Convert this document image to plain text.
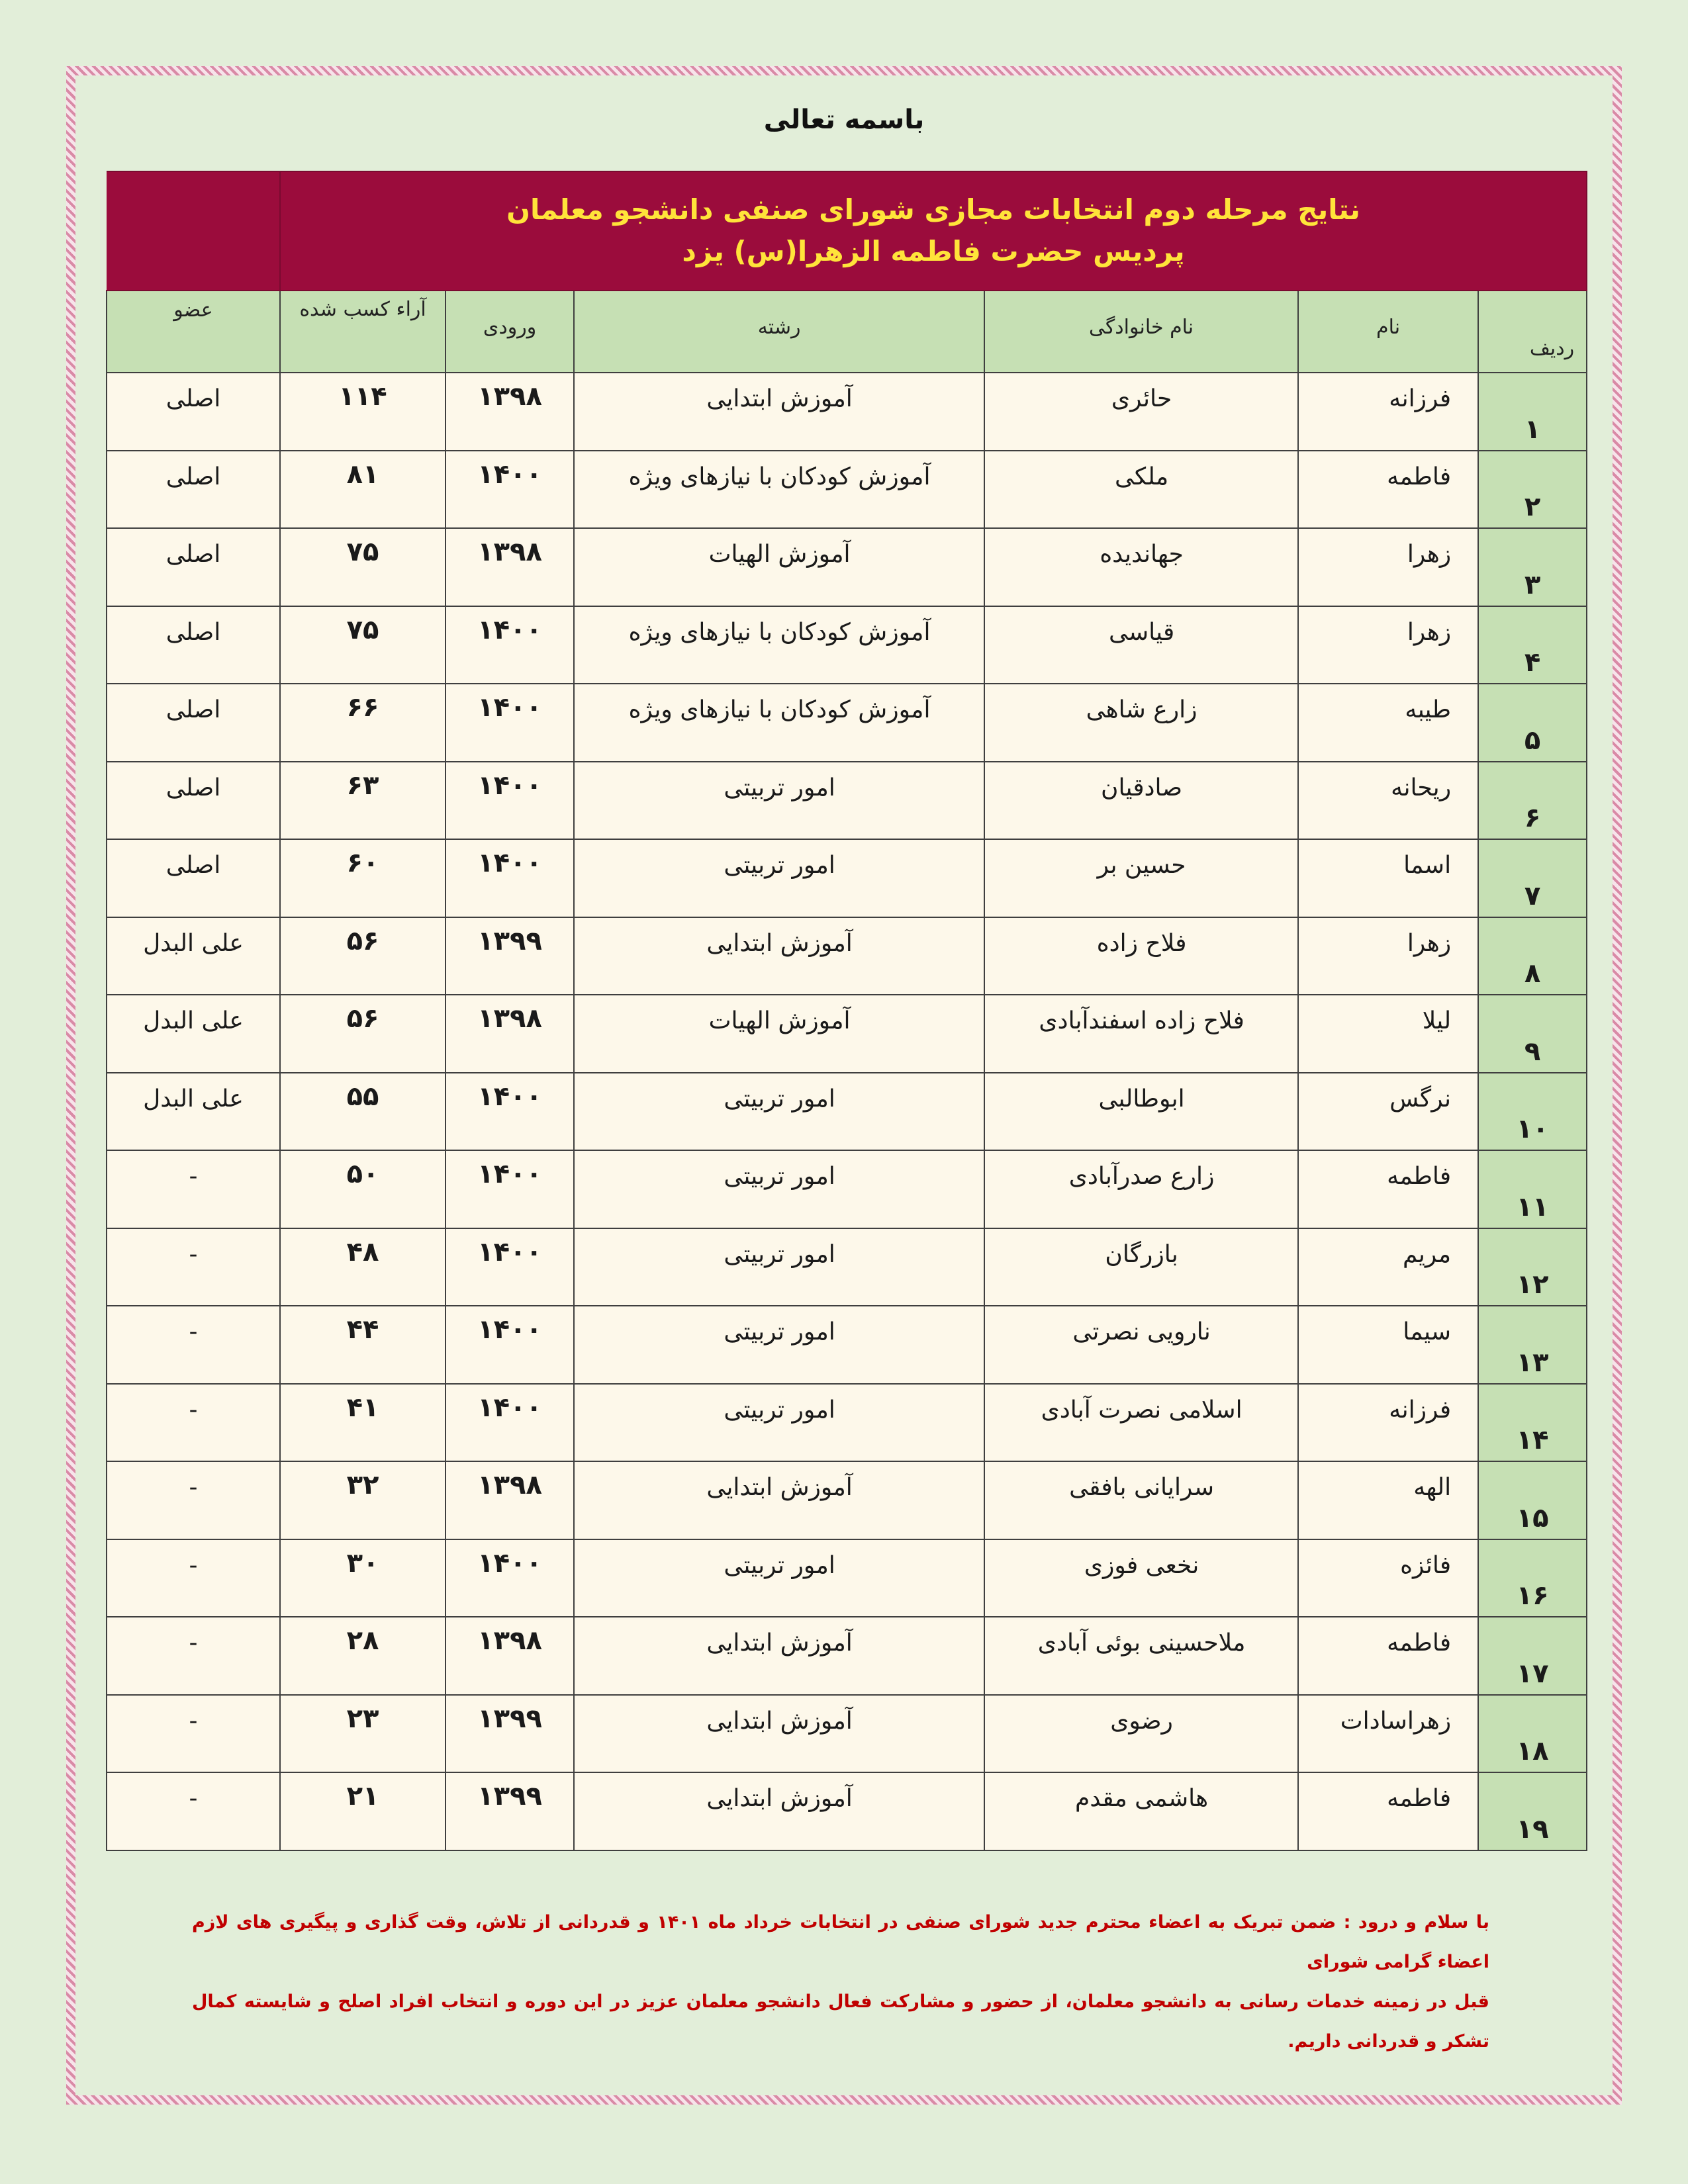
باسمه تعالی
نتایج مرحله دوم انتخابات مجازی شورای صنفی دانشجو معلمان						
پردیس حضرت فاطمه الزهرا(س) یزد						
ردیف	نام	نام خانوادگی	رشته	ورودی	آراء کسب شده	عضو
۱	فرزانه	حائری	آموزش ابتدایی	۱۳۹۸	۱۱۴	اصلی
۲	فاطمه	ملکی	آموزش کودکان با نیازهای ویژه	۱۴۰۰	۸۱	اصلی
۳	زهرا	جهاندیده	آموزش الهیات	۱۳۹۸	۷۵	اصلی
۴	زهرا	قیاسی	آموزش کودکان با نیازهای ویژه	۱۴۰۰	۷۵	اصلی
۵	طیبه	زارع شاهی	آموزش کودکان با نیازهای ویژه	۱۴۰۰	۶۶	اصلی
۶	ریحانه	صادقیان	امور تربیتی	۱۴۰۰	۶۳	اصلی
۷	اسما	حسین بر	امور تربیتی	۱۴۰۰	۶۰	اصلی
۸	زهرا	فلاح زاده	آموزش ابتدایی	۱۳۹۹	۵۶	علی البدل
۹	لیلا	فلاح زاده اسفندآبادی	آموزش الهیات	۱۳۹۸	۵۶	علی البدل
۱۰	نرگس	ابوطالبی	امور تربیتی	۱۴۰۰	۵۵	علی البدل
۱۱	فاطمه	زارع صدرآبادی	امور تربیتی	۱۴۰۰	۵۰	-
۱۲	مریم	بازرگان	امور تربیتی	۱۴۰۰	۴۸	-
۱۳	سیما	نارویی نصرتی	امور تربیتی	۱۴۰۰	۴۴	-
۱۴	فرزانه	اسلامی نصرت آبادی	امور تربیتی	۱۴۰۰	۴۱	-
۱۵	الهه	سرایانی بافقی	آموزش ابتدایی	۱۳۹۸	۳۲	-
۱۶	فائزه	نخعی فوزی	امور تربیتی	۱۴۰۰	۳۰	-
۱۷	فاطمه	ملاحسینی بوئی آبادی	آموزش ابتدایی	۱۳۹۸	۲۸	-
۱۸	زهراسادات	رضوی	آموزش ابتدایی	۱۳۹۹	۲۳	-
۱۹	فاطمه	هاشمی مقدم	آموزش ابتدایی	۱۳۹۹	۲۱	-
با سلام و درود : ضمن تبریک به اعضاء محترم جدید شورای صنفی در انتخابات خرداد ماه ۱۴۰۱ و قدردانی از تلاش، وقت گذاری و پیگیری های لازم اعضاء گرامی شورای
قبل در زمینه خدمات رسانی به دانشجو معلمان، از حضور و مشارکت فعال دانشجو معلمان عزیز در این دوره و انتخاب افراد اصلح و شایسته کمال تشکر و قدردانی داریم.
